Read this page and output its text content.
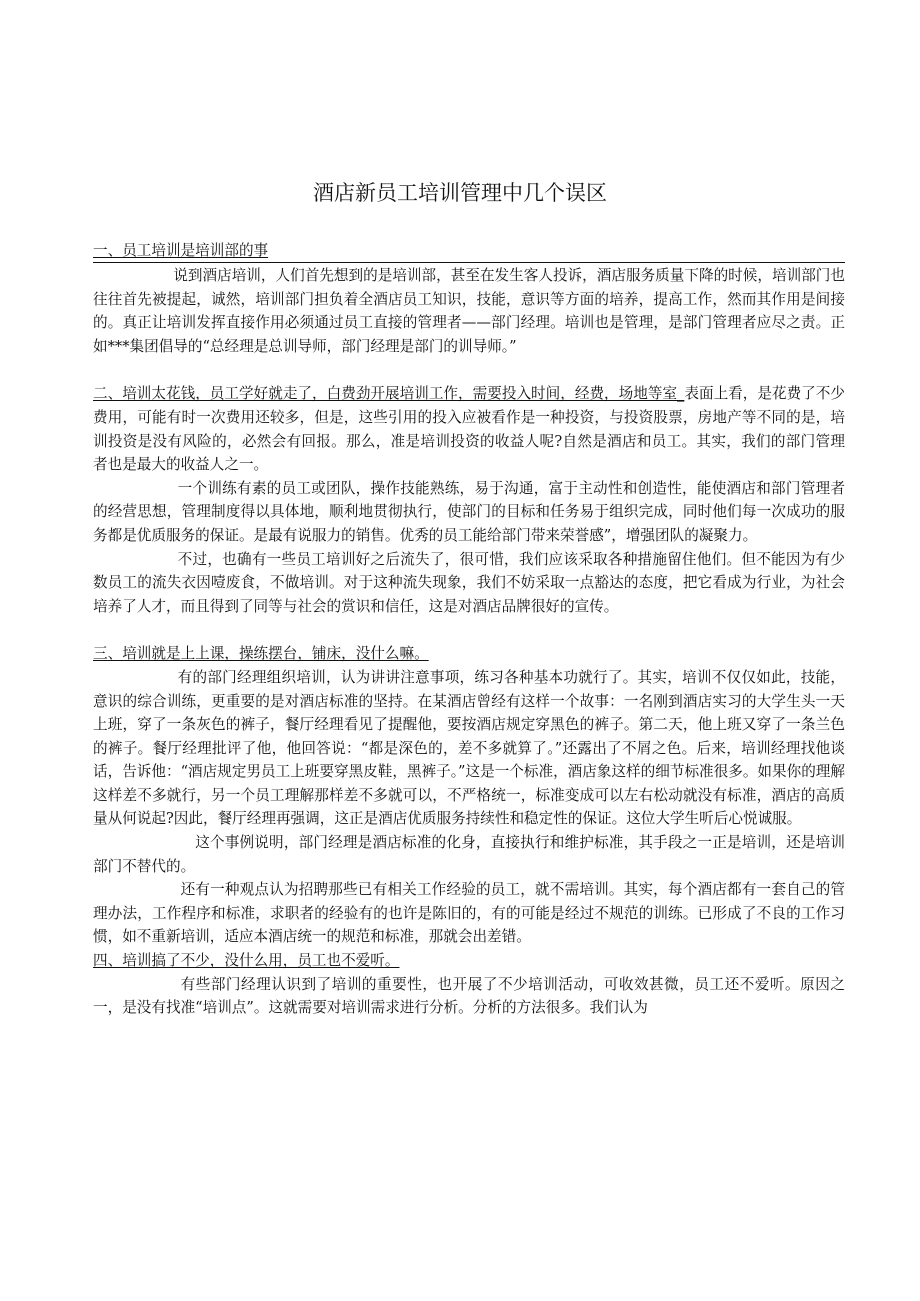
酒店新员工培训管理中几个误区
一、员工培训是培训部的事

说到酒店培训，人们首先想到的是培训部，甚至在发生客人投诉，酒店服务质量下降的时候，培训部门也往往首先被提起，诚然，培训部门担负着全酒店员工知识，技能，意识等方面的培养，提高工作，然而其作用是间接的。真正让培训发挥直接作用必须通过员工直接的管理者——部门经理。培训也是管理，是部门管理者应尽之责。正如***集团倡导的“总经理是总训导师，部门经理是部门的训导师。”

二、培训太花钱，员工学好就走了，白费劲开展培训工作，需要投入时间，经费，场地等室_表面上看，是花费了不少费用，可能有时一次费用还较多，但是，这些引用的投入应被看作是一种投资，与投资股票，房地产等不同的是，培训投资是没有风险的，必然会有回报。那么，准是培训投资的收益人呢?自然是酒店和员工。其实，我们的部门管理者也是最大的收益人之一。

一个训练有素的员工或团队，操作技能熟练，易于沟通，富于主动性和创造性，能使酒店和部门管理者的经营思想，管理制度得以具体地，顺利地贯彻执行，使部门的目标和任务易于组织完成，同时他们每一次成功的服务都是优质服务的保证。是最有说服力的销售。优秀的员工能给部门带来荣誉感”，增强团队的凝聚力。

不过，也确有一些员工培训好之后流失了，很可惜，我们应该采取各种措施留住他们。但不能因为有少数员工的流失衣因噎废食，不做培训。对于这种流失现象，我们不妨采取一点豁达的态度，把它看成为行业，为社会培养了人才，而且得到了同等与社会的赏识和信任，这是对酒店品牌很好的宣传。

三、培训就是上上课，操练摆台，铺床，没什么嘛。

有的部门经理组织培训，认为讲讲注意事项，练习各种基本功就行了。其实，培训不仅仅如此，技能，意识的综合训练，更重要的是对酒店标准的坚持。在某酒店曾经有这样一个故事：一名刚到酒店实习的大学生头一天上班，穿了一条灰色的裤子，餐厅经理看见了提醒他，要按酒店规定穿黑色的裤子。第二天，他上班又穿了一条兰色的裤子。餐厅经理批评了他，他回答说：“都是深色的，差不多就算了。”还露出了不屑之色。后来，培训经理找他谈话，告诉他：“酒店规定男员工上班要穿黑皮鞋，黑裤子。”这是一个标准，酒店象这样的细节标准很多。如果你的理解这样差不多就行，另一个员工理解那样差不多就可以，不严格统一，标准变成可以左右松动就没有标准，酒店的高质量从何说起?因此，餐厅经理再强调，这正是酒店优质服务持续性和稳定性的保证。这位大学生听后心悦诚服。

这个事例说明，部门经理是酒店标准的化身，直接执行和维护标准，其手段之一正是培训，还是培训部门不替代的。

还有一种观点认为招聘那些已有相关工作经验的员工，就不需培训。其实，每个酒店都有一套自己的管理办法，工作程序和标准，求职者的经验有的也许是陈旧的，有的可能是经过不规范的训练。已形成了不良的工作习惯，如不重新培训，适应本酒店统一的规范和标准，那就会出差错。

四、培训搞了不少，没什么用，员工也不爱听。

有些部门经理认识到了培训的重要性，也开展了不少培训活动，可收效甚微，员工还不爱听。原因之一，是没有找准“培训点”。这就需要对培训需求进行分析。分析的方法很多。我们认为
